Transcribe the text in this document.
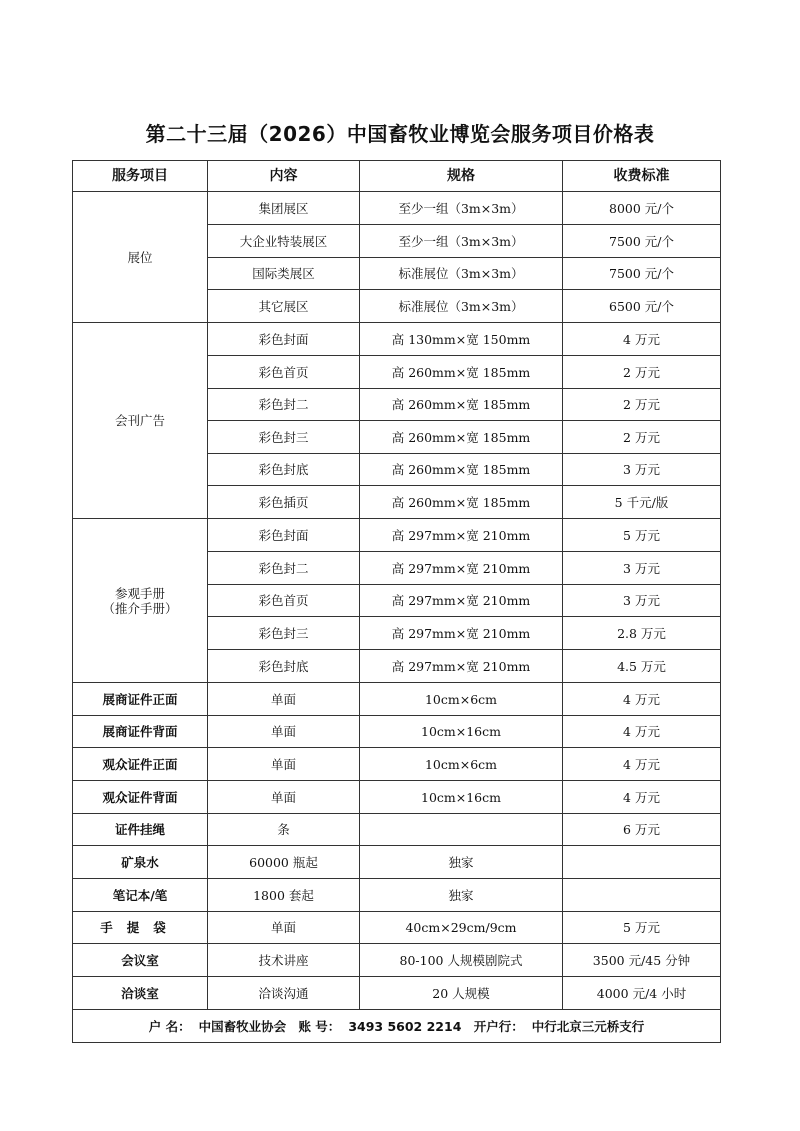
第二十三届（2026）中国畜牧业博览会服务项目价格表
服务项目	内容	规格	收费标准
展位	集团展区	至少一组（3m×3m）	8000 元/个
	大企业特装展区	至少一组（3m×3m）	7500 元/个
	国际类展区	标准展位（3m×3m）	7500 元/个
	其它展区	标准展位（3m×3m）	6500 元/个
会刊广告	彩色封面	高 130mm×宽 150mm	4 万元
	彩色首页	高 260mm×宽 185mm	2 万元
	彩色封二	高 260mm×宽 185mm	2 万元
	彩色封三	高 260mm×宽 185mm	2 万元
	彩色封底	高 260mm×宽 185mm	3 万元
	彩色插页	高 260mm×宽 185mm	5 千元/版

参观手册
（推介手册）	彩色封面	高 297mm×宽 210mm	5 万元
	彩色封二	高 297mm×宽 210mm	3 万元
	彩色首页	高 297mm×宽 210mm	3 万元
	彩色封三	高 297mm×宽 210mm	2.8 万元
	彩色封底	高 297mm×宽 210mm	4.5 万元
展商证件正面	单面	10cm×6cm	4 万元
展商证件背面	单面	10cm×16cm	4 万元
观众证件正面	单面	10cm×6cm	4 万元
观众证件背面	单面	10cm×16cm	4 万元
证件挂绳	条		6 万元
矿泉水	60000 瓶起	独家	
笔记本/笔	1800 套起	独家	
手提袋	单面	40cm×29cm/9cm	5 万元
会议室	技术讲座	80-100 人规模剧院式	3500 元/45 分钟
洽谈室	洽谈沟通	20 人规模	4000 元/4 小时
户 名： 中国畜牧业协会 账 号： 3493 5602 2214 开户行： 中行北京三元桥支行			
